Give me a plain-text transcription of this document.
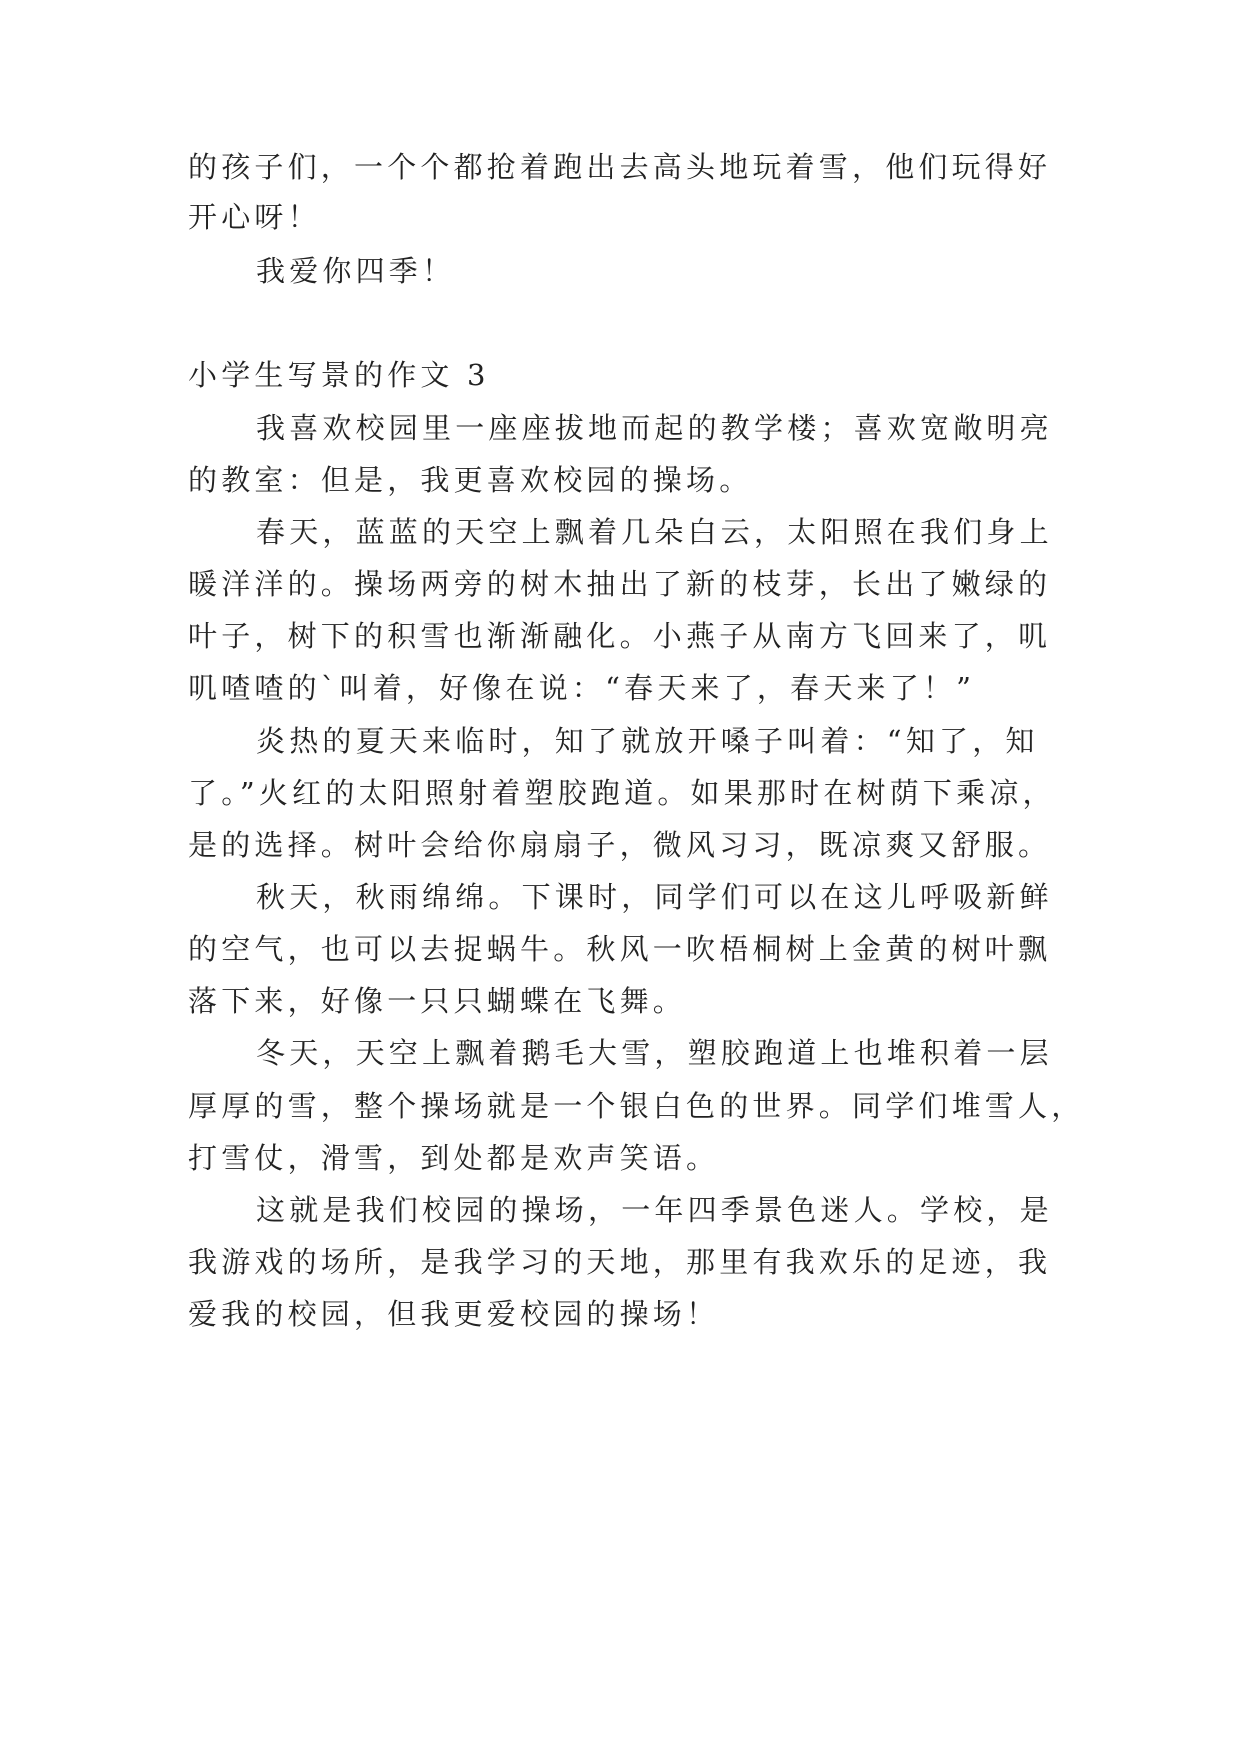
的孩子们，一个个都抢着跑出去高头地玩着雪，他们玩得好
开心呀！
我爱你四季！
小学生写景的作文 3
我喜欢校园里一座座拔地而起的教学楼；喜欢宽敞明亮
的教室：但是，我更喜欢校园的操场。
春天，蓝蓝的天空上飘着几朵白云，太阳照在我们身上
暖洋洋的。操场两旁的树木抽出了新的枝芽，长出了嫩绿的
叶子，树下的积雪也渐渐融化。小燕子从南方飞回来了，叽
叽喳喳的`叫着，好像在说：“春天来了，春天来了！”
炎热的夏天来临时，知了就放开嗓子叫着：“知了，知
了。”火红的太阳照射着塑胶跑道。如果那时在树荫下乘凉，
是的选择。树叶会给你扇扇子，微风习习，既凉爽又舒服。
秋天，秋雨绵绵。下课时，同学们可以在这儿呼吸新鲜
的空气，也可以去捉蜗牛。秋风一吹梧桐树上金黄的树叶飘
落下来，好像一只只蝴蝶在飞舞。
冬天，天空上飘着鹅毛大雪，塑胶跑道上也堆积着一层
厚厚的雪，整个操场就是一个银白色的世界。同学们堆雪人，
打雪仗，滑雪，到处都是欢声笑语。
这就是我们校园的操场，一年四季景色迷人。学校，是
我游戏的场所，是我学习的天地，那里有我欢乐的足迹，我
爱我的校园，但我更爱校园的操场！
